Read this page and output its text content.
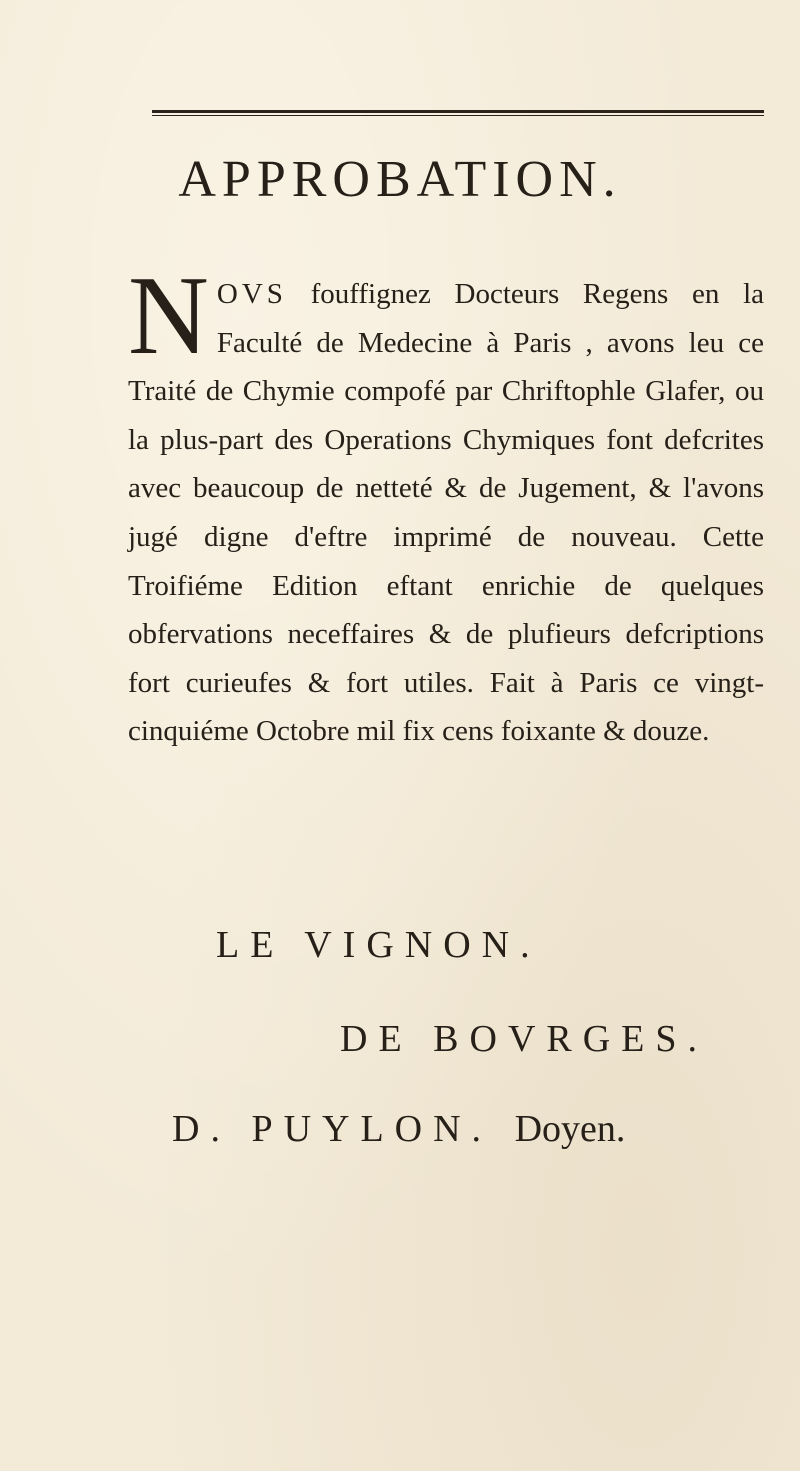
APPROBATION.

NOVS fouffignez Docteurs Regens en la Faculté de Medecine à Paris , avons leu ce Traité de Chymie compofé par Chriftophle Glafer, ou la plus-part des Operations Chymiques font defcrites avec beaucoup de netteté & de Jugement, & l'avons jugé digne d'eftre imprimé de nouveau. Cette Troifiéme Edition eftant enrichie de quelques obfervations neceffaires & de plufieurs defcriptions fort curieufes & fort utiles. Fait à Paris ce vingt-cinquiéme Octobre mil fix cens foixante & douze.

LE VIGNON.

DE BOVRGES.

D. PUYLON. Doyen.
